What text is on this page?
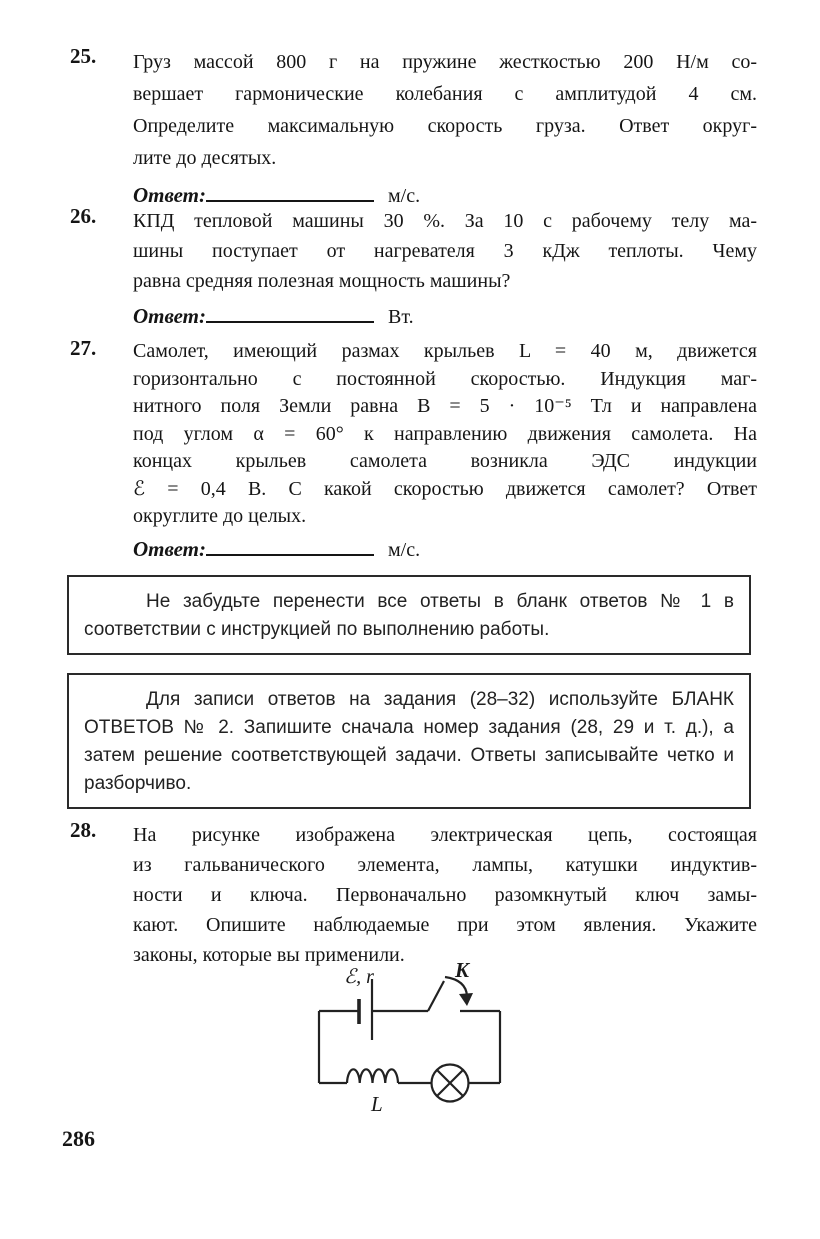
25. Груз массой 800 г на пружине жесткостью 200 Н/м со-
вершает гармонические колебания с амплитудой 4 см.
Определите максимальную скорость груза. Ответ округ-
лите до десятых.
Ответ:	м/с.
26. КПД тепловой машины 30 %. За 10 с рабочему телу ма-
шины поступает от нагревателя 3 кДж теплоты. Чему
равна средняя полезная мощность машины?
Ответ:	Вт.
27. Самолет, имеющий размах крыльев L = 40 м, движется
горизонтально с постоянной скоростью. Индукция маг-
нитного поля Земли равна B = 5 · 10⁻⁵ Тл и направлена
под углом α = 60° к направлению движения самолета. На
концах крыльев самолета возникла ЭДС индукции
ℰ = 0,4 В. С какой скоростью движется самолет? Ответ
округлите до целых.
Ответ:	м/с.
Не забудьте перенести все ответы в бланк ответов № 1 в
соответствии с инструкцией по выполнению работы.
Для записи ответов на задания (28–32) используйте БЛАНК
ОТВЕТОВ № 2. Запишите сначала номер задания (28, 29 и т. д.), а
затем решение соответствующей задачи. Ответы записывайте четко и
разборчиво.
28. На рисунке изображена электрическая цепь, состоящая
из гальванического элемента, лампы, катушки индуктив-
ности и ключа. Первоначально разомкнутый ключ замы-
кают. Опишите наблюдаемые при этом явления. Укажите
законы, которые вы применили.
ℰ, r	K
L
286
